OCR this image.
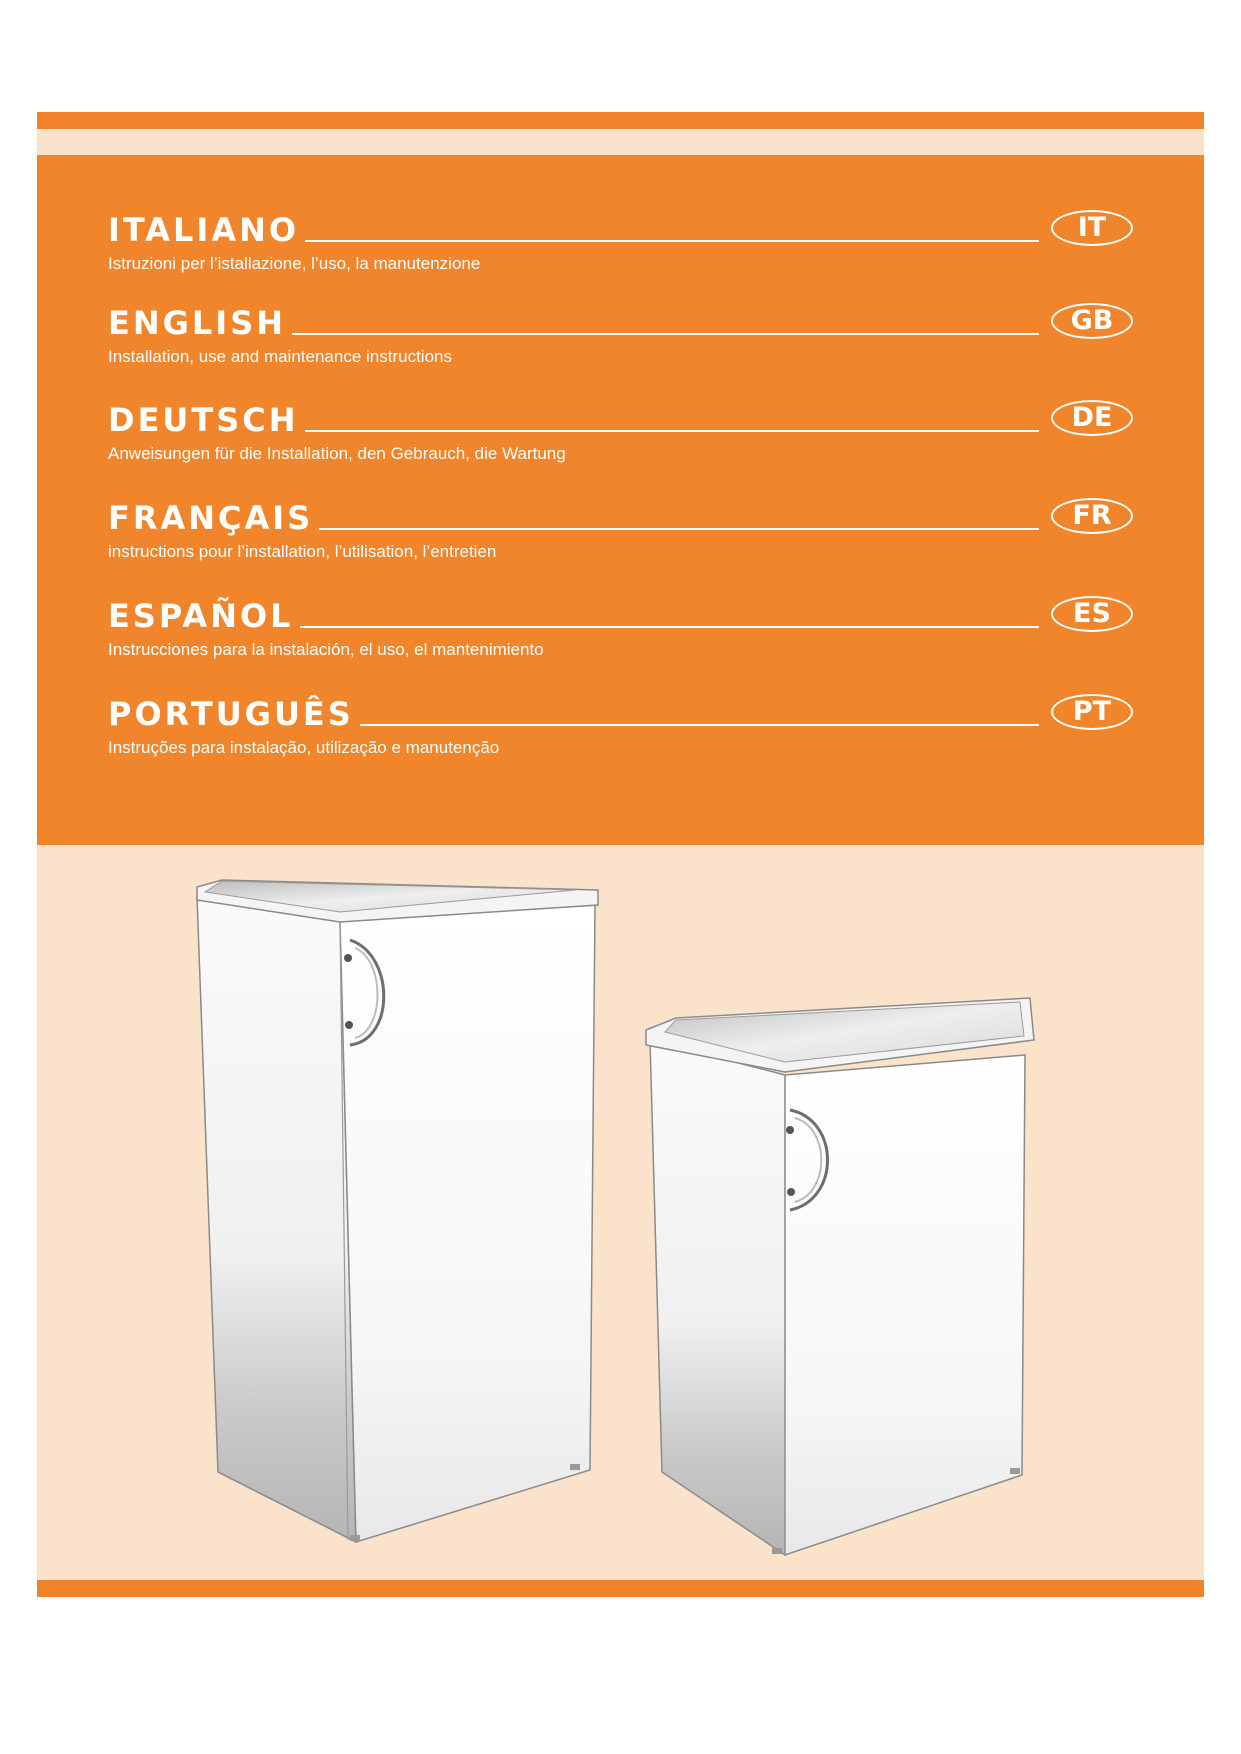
ITALIANO	IT
Istruzioni per l’istallazione, l’uso, la manutenzione
ENGLISH	GB
Installation, use and maintenance instructions
DEUTSCH	DE
Anweisungen für die Installation, den Gebrauch, die Wartung
FRANÇAIS	FR
instructions pour l’installation, l’utilisation, l’entretien
ESPAÑOL	ES
Instrucciones para la instalación, el uso, el mantenimiento
PORTUGUÊS	PT
Instruções para instalação, utilização e manutenção
